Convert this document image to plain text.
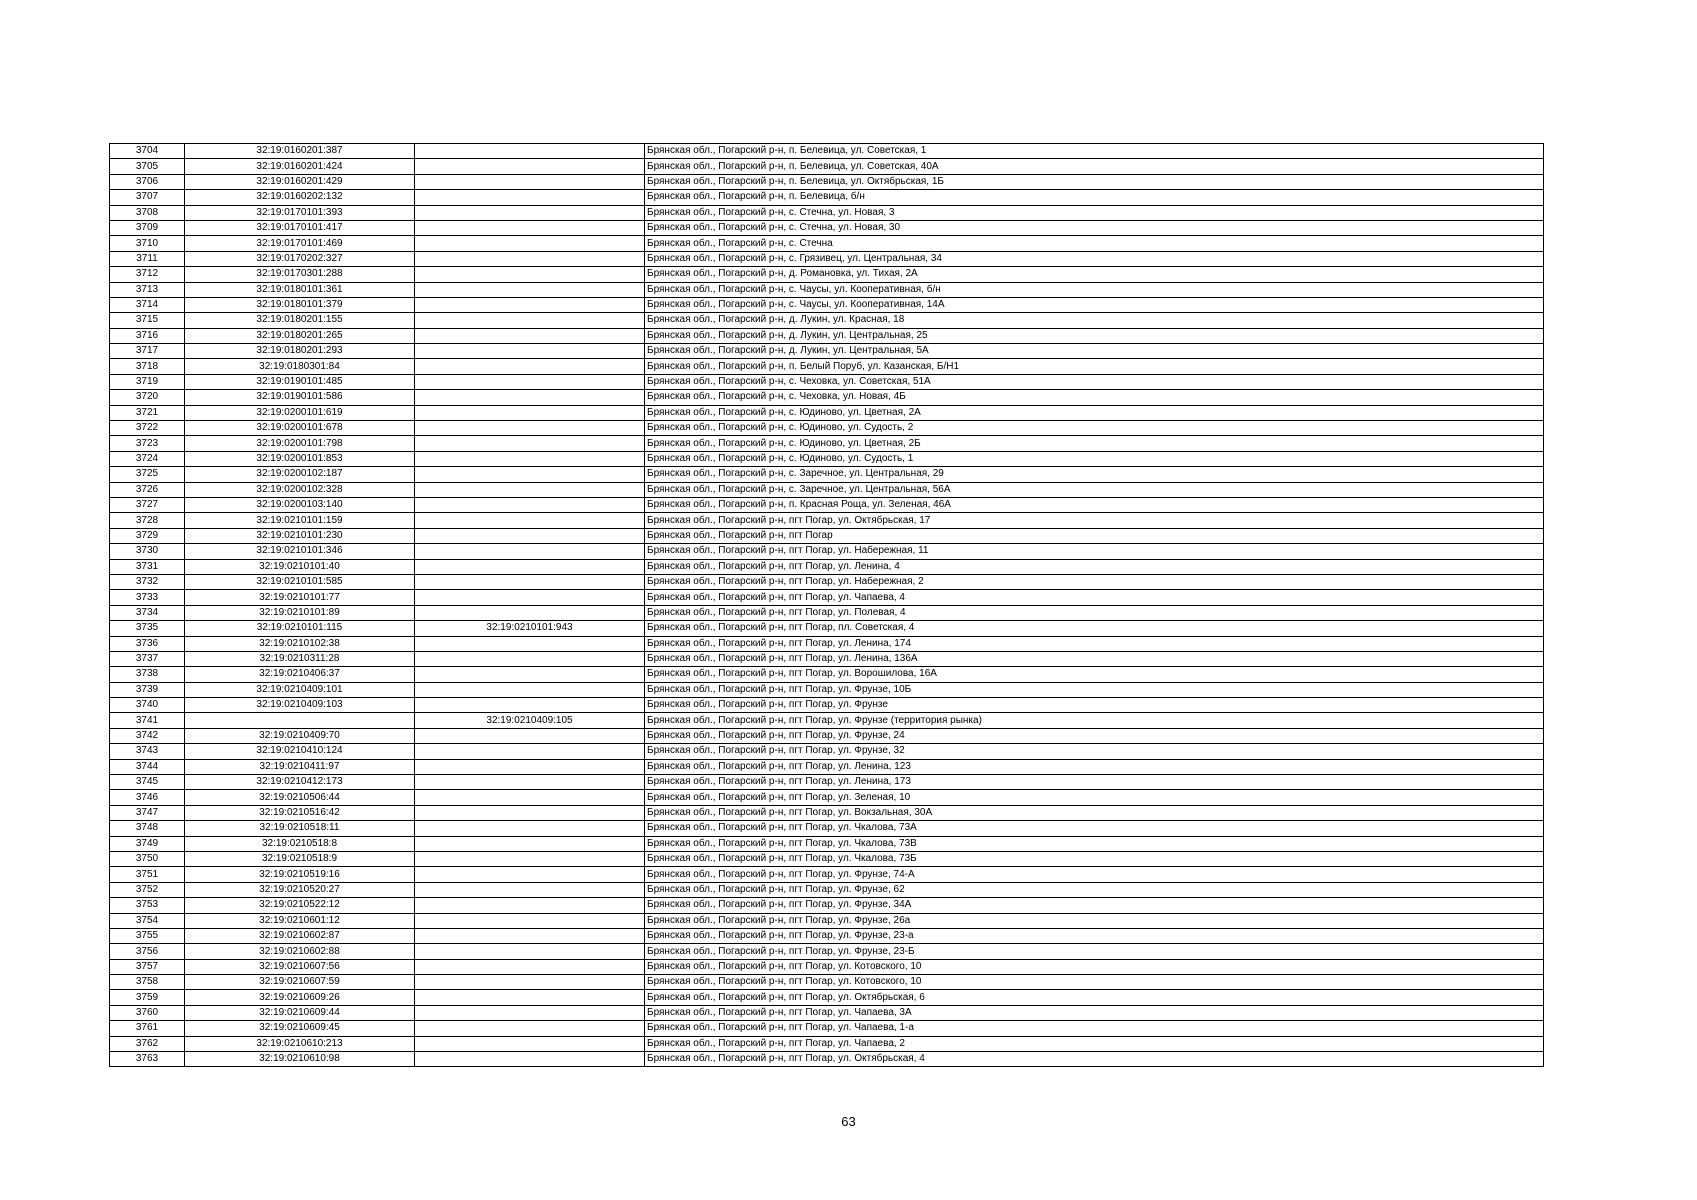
3704	32:19:0160201:387		Брянская обл., Погарский р-н, п. Белевица, ул. Советская, 1
3705	32:19:0160201:424		Брянская обл., Погарский р-н, п. Белевица, ул. Советская, 40А
3706	32:19:0160201:429		Брянская обл., Погарский р-н, п. Белевица, ул. Октябрьская, 1Б
3707	32:19:0160202:132		Брянская обл., Погарский р-н, п. Белевица, б/н
3708	32:19:0170101:393		Брянская обл., Погарский р-н, с. Стечна, ул. Новая, 3
3709	32:19:0170101:417		Брянская обл., Погарский р-н, с. Стечна, ул. Новая, 30
3710	32:19:0170101:469		Брянская обл., Погарский р-н, с. Стечна
3711	32:19:0170202:327		Брянская обл., Погарский р-н, с. Грязивец, ул. Центральная, 34
3712	32:19:0170301:288		Брянская обл., Погарский р-н, д. Романовка, ул. Тихая, 2А
3713	32:19:0180101:361		Брянская обл., Погарский р-н, с. Чаусы, ул. Кооперативная, б/н
3714	32:19:0180101:379		Брянская обл., Погарский р-н, с. Чаусы, ул. Кооперативная, 14А
3715	32:19:0180201:155		Брянская обл., Погарский р-н, д. Лукин, ул. Красная, 18
3716	32:19:0180201:265		Брянская обл., Погарский р-н, д. Лукин, ул. Центральная, 25
3717	32:19:0180201:293		Брянская обл., Погарский р-н, д. Лукин, ул. Центральная, 5А
3718	32:19:0180301:84		Брянская обл., Погарский р-н, п. Белый Поруб, ул. Казанская, Б/Н1
3719	32:19:0190101:485		Брянская обл., Погарский р-н, с. Чеховка, ул. Советская, 51А
3720	32:19:0190101:586		Брянская обл., Погарский р-н, с. Чеховка, ул. Новая, 4Б
3721	32:19:0200101:619		Брянская обл., Погарский р-н, с. Юдиново, ул. Цветная, 2А
3722	32:19:0200101:678		Брянская обл., Погарский р-н, с. Юдиново, ул. Судость, 2
3723	32:19:0200101:798		Брянская обл., Погарский р-н, с. Юдиново, ул. Цветная, 2Б
3724	32:19:0200101:853		Брянская обл., Погарский р-н, с. Юдиново, ул. Судость, 1
3725	32:19:0200102:187		Брянская обл., Погарский р-н, с. Заречное, ул. Центральная, 29
3726	32:19:0200102:328		Брянская обл., Погарский р-н, с. Заречное, ул. Центральная, 56А
3727	32:19:0200103:140		Брянская обл., Погарский р-н, п. Красная Роща, ул. Зеленая, 46А
3728	32:19:0210101:159		Брянская обл., Погарский р-н, пгт Погар, ул. Октябрьская, 17
3729	32:19:0210101:230		Брянская обл., Погарский р-н, пгт Погар
3730	32:19:0210101:346		Брянская обл., Погарский р-н, пгт Погар, ул. Набережная, 11
3731	32:19:0210101:40		Брянская обл., Погарский р-н, пгт Погар, ул. Ленина, 4
3732	32:19:0210101:585		Брянская обл., Погарский р-н, пгт Погар, ул. Набережная, 2
3733	32:19:0210101:77		Брянская обл., Погарский р-н, пгт Погар, ул. Чапаева, 4
3734	32:19:0210101:89		Брянская обл., Погарский р-н, пгт Погар, ул. Полевая, 4
3735	32:19:0210101:115	32:19:0210101:943	Брянская обл., Погарский р-н, пгт Погар, пл. Советская, 4
3736	32:19:0210102:38		Брянская обл., Погарский р-н, пгт Погар, ул. Ленина, 174
3737	32:19:0210311:28		Брянская обл., Погарский р-н, пгт Погар, ул. Ленина, 136А
3738	32:19:0210406:37		Брянская обл., Погарский р-н, пгт Погар, ул. Ворошилова, 16А
3739	32:19:0210409:101		Брянская обл., Погарский р-н, пгт Погар, ул. Фрунзе, 10Б
3740	32:19:0210409:103		Брянская обл., Погарский р-н, пгт Погар, ул. Фрунзе
3741		32:19:0210409:105	Брянская обл., Погарский р-н, пгт Погар, ул. Фрунзе (территория рынка)
3742	32:19:0210409:70		Брянская обл., Погарский р-н, пгт Погар, ул. Фрунзе, 24
3743	32:19:0210410:124		Брянская обл., Погарский р-н, пгт Погар, ул. Фрунзе, 32
3744	32:19:0210411:97		Брянская обл., Погарский р-н, пгт Погар, ул. Ленина, 123
3745	32:19:0210412:173		Брянская обл., Погарский р-н, пгт Погар, ул. Ленина, 173
3746	32:19:0210506:44		Брянская обл., Погарский р-н, пгт Погар, ул. Зеленая, 10
3747	32:19:0210516:42		Брянская обл., Погарский р-н, пгт Погар, ул. Вокзальная, 30А
3748	32:19:0210518:11		Брянская обл., Погарский р-н, пгт Погар, ул. Чкалова, 73А
3749	32:19:0210518:8		Брянская обл., Погарский р-н, пгт Погар, ул. Чкалова, 73В
3750	32:19:0210518:9		Брянская обл., Погарский р-н, пгт Погар, ул. Чкалова, 73Б
3751	32:19:0210519:16		Брянская обл., Погарский р-н, пгт Погар, ул. Фрунзе, 74-А
3752	32:19:0210520:27		Брянская обл., Погарский р-н, пгт Погар, ул. Фрунзе, 62
3753	32:19:0210522:12		Брянская обл., Погарский р-н, пгт Погар, ул. Фрунзе, 34А
3754	32:19:0210601:12		Брянская обл., Погарский р-н, пгт Погар, ул. Фрунзе, 26а
3755	32:19:0210602:87		Брянская обл., Погарский р-н, пгт Погар, ул. Фрунзе, 23-а
3756	32:19:0210602:88		Брянская обл., Погарский р-н, пгт Погар, ул. Фрунзе, 23-Б
3757	32:19:0210607:56		Брянская обл., Погарский р-н, пгт Погар, ул. Котовского, 10
3758	32:19:0210607:59		Брянская обл., Погарский р-н, пгт Погар, ул. Котовского, 10
3759	32:19:0210609:26		Брянская обл., Погарский р-н, пгт Погар, ул. Октябрьская, 6
3760	32:19:0210609:44		Брянская обл., Погарский р-н, пгт Погар, ул. Чапаева, 3А
3761	32:19:0210609:45		Брянская обл., Погарский р-н, пгт Погар, ул. Чапаева, 1-а
3762	32:19:0210610:213		Брянская обл., Погарский р-н, пгт Погар, ул. Чапаева, 2
3763	32:19:0210610:98		Брянская обл., Погарский р-н, пгт Погар, ул. Октябрьская, 4
63
